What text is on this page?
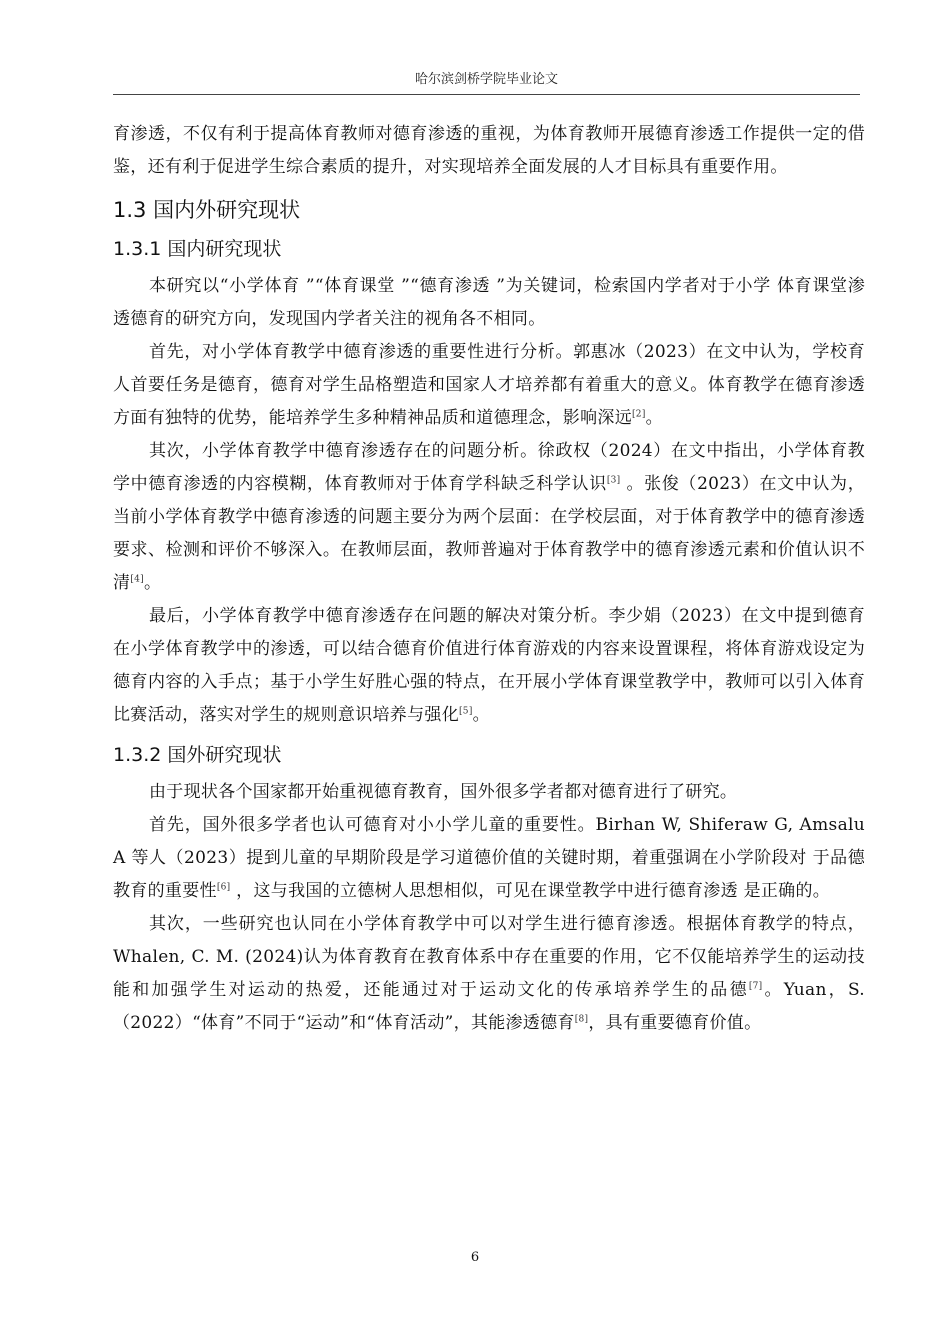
哈尔滨剑桥学院毕业论文

育渗透，不仅有利于提高体育教师对德育渗透的重视，为体育教师开展德育渗透工作提供一定的借鉴，还有利于促进学生综合素质的提升，对实现培养全面发展的人才目标具有重要作用。

1.3 国内外研究现状
1.3.1 国内研究现状

本研究以“小学体育 ”“体育课堂 ”“德育渗透 ”为关键词，检索国内学者对于小学 体育课堂渗透德育的研究方向，发现国内学者关注的视角各不相同。

首先，对小学体育教学中德育渗透的重要性进行分析。郭惠冰（2023）在文中认为，学校育人首要任务是德育，德育对学生品格塑造和国家人才培养都有着重大的意义。体育教学在德育渗透方面有独特的优势，能培养学生多种精神品质和道德理念，影响深远[2]。

其次，小学体育教学中德育渗透存在的问题分析。徐政权（2024）在文中指出，小学体育教学中德育渗透的内容模糊，体育教师对于体育学科缺乏科学认识[3] 。张俊（2023）在文中认为，当前小学体育教学中德育渗透的问题主要分为两个层面：在学校层面，对于体育教学中的德育渗透要求、检测和评价不够深入。在教师层面，教师普遍对于体育教学中的德育渗透元素和价值认识不清[4]。

最后，小学体育教学中德育渗透存在问题的解决对策分析。李少娟（2023）在文中提到德育在小学体育教学中的渗透，可以结合德育价值进行体育游戏的内容来设置课程，将体育游戏设定为德育内容的入手点；基于小学生好胜心强的特点，在开展小学体育课堂教学中，教师可以引入体育比赛活动，落实对学生的规则意识培养与强化[5]。

1.3.2 国外研究现状

由于现状各个国家都开始重视德育教育，国外很多学者都对德育进行了研究。

首先，国外很多学者也认可德育对小小学儿童的重要性。Birhan W, Shiferaw G, Amsalu A 等人（2023）提到儿童的早期阶段是学习道德价值的关键时期，着重强调在小学阶段对 于品德教育的重要性[6] ，这与我国的立德树人思想相似，可见在课堂教学中进行德育渗透 是正确的。

其次，一些研究也认同在小学体育教学中可以对学生进行德育渗透。根据体育教学的特点，Whalen, C. M. (2024)认为体育教育在教育体系中存在重要的作用，它不仅能培养学生的运动技能和加强学生对运动的热爱，还能通过对于运动文化的传承培养学生的品德[7]。Yuan，S.（2022）“体育”不同于“运动”和“体育活动”，其能渗透德育[8]，具有重要德育价值。

6
